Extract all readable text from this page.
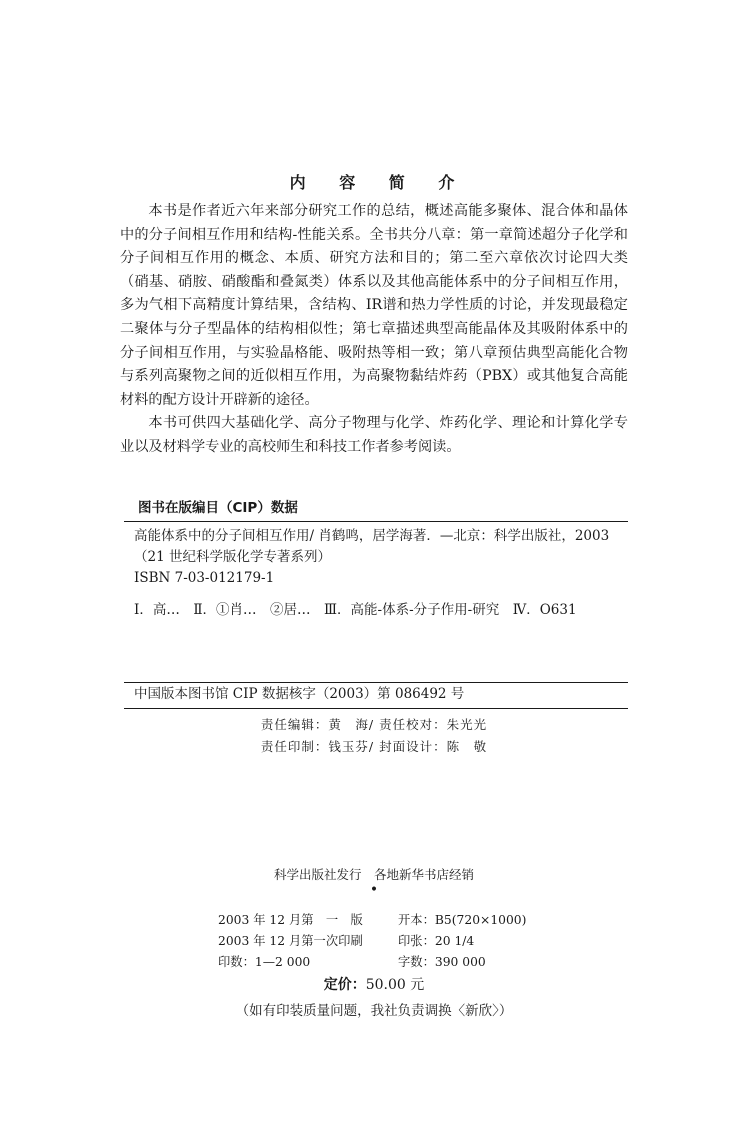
内 容 简 介

本书是作者近六年来部分研究工作的总结，概述高能多聚体、混合体和晶体中的分子间相互作用和结构-性能关系。全书共分八章：第一章简述超分子化学和分子间相互作用的概念、本质、研究方法和目的；第二至六章依次讨论四大类（硝基、硝胺、硝酸酯和叠氮类）体系以及其他高能体系中的分子间相互作用，多为气相下高精度计算结果，含结构、IR谱和热力学性质的讨论，并发现最稳定二聚体与分子型晶体的结构相似性；第七章描述典型高能晶体及其吸附体系中的分子间相互作用，与实验晶格能、吸附热等相一致；第八章预估典型高能化合物与系列高聚物之间的近似相互作用，为高聚物黏结炸药（PBX）或其他复合高能材料的配方设计开辟新的途径。

本书可供四大基础化学、高分子物理与化学、炸药化学、理论和计算化学专业以及材料学专业的高校师生和科技工作者参考阅读。

图书在版编目（CIP）数据

高能体系中的分子间相互作用/ 肖鹤鸣，居学海著．—北京：科学出版社，2003

（21 世纪科学版化学专著系列）

ISBN 7-03-012179-1

Ⅰ．高…　Ⅱ．①肖…　②居…　Ⅲ．高能-体系-分子作用-研究　Ⅳ．O631

中国版本图书馆 CIP 数据核字（2003）第 086492 号
责任编辑：黄　海/ 责任校对：朱光光
责任印制：钱玉芬/ 封面设计：陈　敬
科学出版社发行　各地新华书店经销
•
2003 年 12 月第　一　版	开本：B5(720×1000)
2003 年 12 月第一次印刷	印张：20 1/4
印数：1—2 000	字数：390 000
定价：50.00 元
（如有印装质量问题，我社负责调换〈新欣〉）
